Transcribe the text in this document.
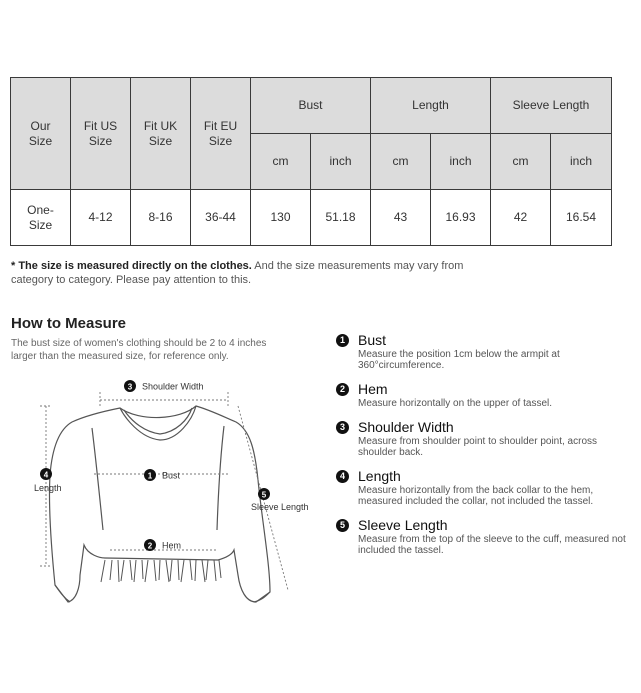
Our Size	Fit US Size	Fit UK Size	Fit EU Size	Bust		Length		Sleeve Length	
				cm	inch	cm	inch	cm	inch
One-Size	4-12	8-16	36-44	130	51.18	43	16.93	42	16.54
* The size is measured directly on the clothes. And the size measurements may vary from category to category. Please pay attention to this.
How to Measure
The bust size of women's clothing should be 2 to 4 inches larger than the measured size, for reference only.
3 Shoulder Width
1 Bust
4
Length
5
Sleeve Length
2 Hem
1 Bust
Measure the position 1cm below the armpit at 360°circumference.
2 Hem
Measure horizontally on the upper of tassel.
3 Shoulder Width
Measure from shoulder point to shoulder point, across shoulder back.
4 Length
Measure horizontally from the back collar to the hem, measured included the collar, not included the tassel.
5 Sleeve Length
Measure from the top of the sleeve to the cuff, measured not included the tassel.
